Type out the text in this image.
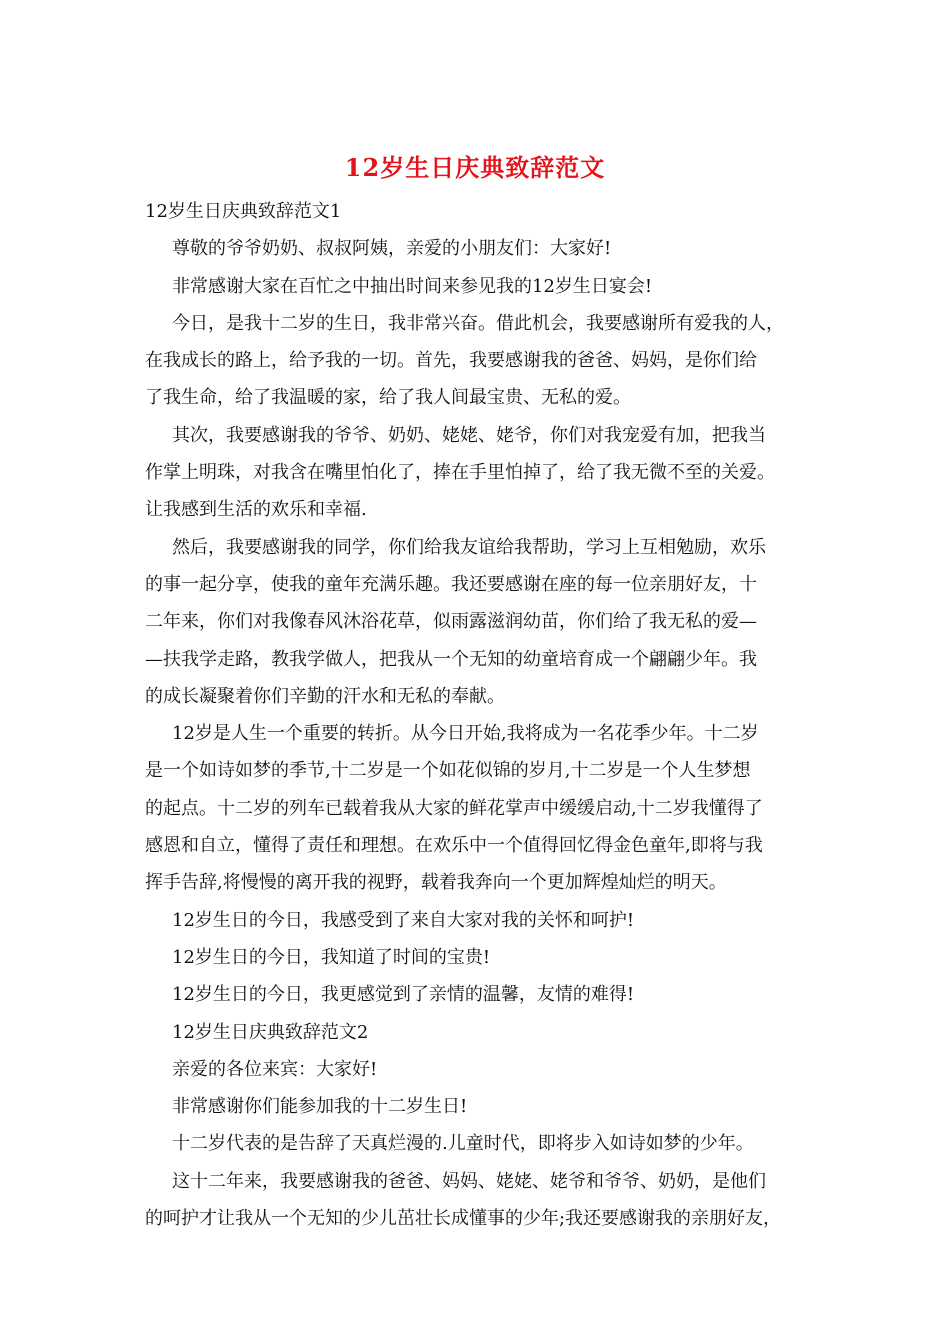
12岁生日庆典致辞范文
12岁生日庆典致辞范文1
尊敬的爷爷奶奶、叔叔阿姨，亲爱的小朋友们：大家好!
非常感谢大家在百忙之中抽出时间来参见我的12岁生日宴会!
今日，是我十二岁的生日，我非常兴奋。借此机会，我要感谢所有爱我的人，
在我成长的路上，给予我的一切。首先，我要感谢我的爸爸、妈妈，是你们给
了我生命，给了我温暖的家，给了我人间最宝贵、无私的爱。
其次，我要感谢我的爷爷、奶奶、姥姥、姥爷，你们对我宠爱有加，把我当
作掌上明珠，对我含在嘴里怕化了，捧在手里怕掉了，给了我无微不至的关爱。
让我感到生活的欢乐和幸福.
然后，我要感谢我的同学，你们给我友谊给我帮助，学习上互相勉励，欢乐
的事一起分享，使我的童年充满乐趣。我还要感谢在座的每一位亲朋好友，十
二年来，你们对我像春风沐浴花草，似雨露滋润幼苗，你们给了我无私的爱—
—扶我学走路，教我学做人，把我从一个无知的幼童培育成一个翩翩少年。我
的成长凝聚着你们辛勤的汗水和无私的奉献。
12岁是人生一个重要的转折。从今日开始,我将成为一名花季少年。十二岁
是一个如诗如梦的季节,十二岁是一个如花似锦的岁月,十二岁是一个人生梦想
的起点。十二岁的列车已载着我从大家的鲜花掌声中缓缓启动,十二岁我懂得了
感恩和自立，懂得了责任和理想。在欢乐中一个值得回忆得金色童年,即将与我
挥手告辞,将慢慢的离开我的视野，载着我奔向一个更加辉煌灿烂的明天。
12岁生日的今日，我感受到了来自大家对我的关怀和呵护!
12岁生日的今日，我知道了时间的宝贵!
12岁生日的今日，我更感觉到了亲情的温馨，友情的难得!
12岁生日庆典致辞范文2
亲爱的各位来宾：大家好!
非常感谢你们能参加我的十二岁生日!
十二岁代表的是告辞了天真烂漫的.儿童时代，即将步入如诗如梦的少年。
这十二年来，我要感谢我的爸爸、妈妈、姥姥、姥爷和爷爷、奶奶，是他们
的呵护才让我从一个无知的少儿茁壮长成懂事的少年;我还要感谢我的亲朋好友，
